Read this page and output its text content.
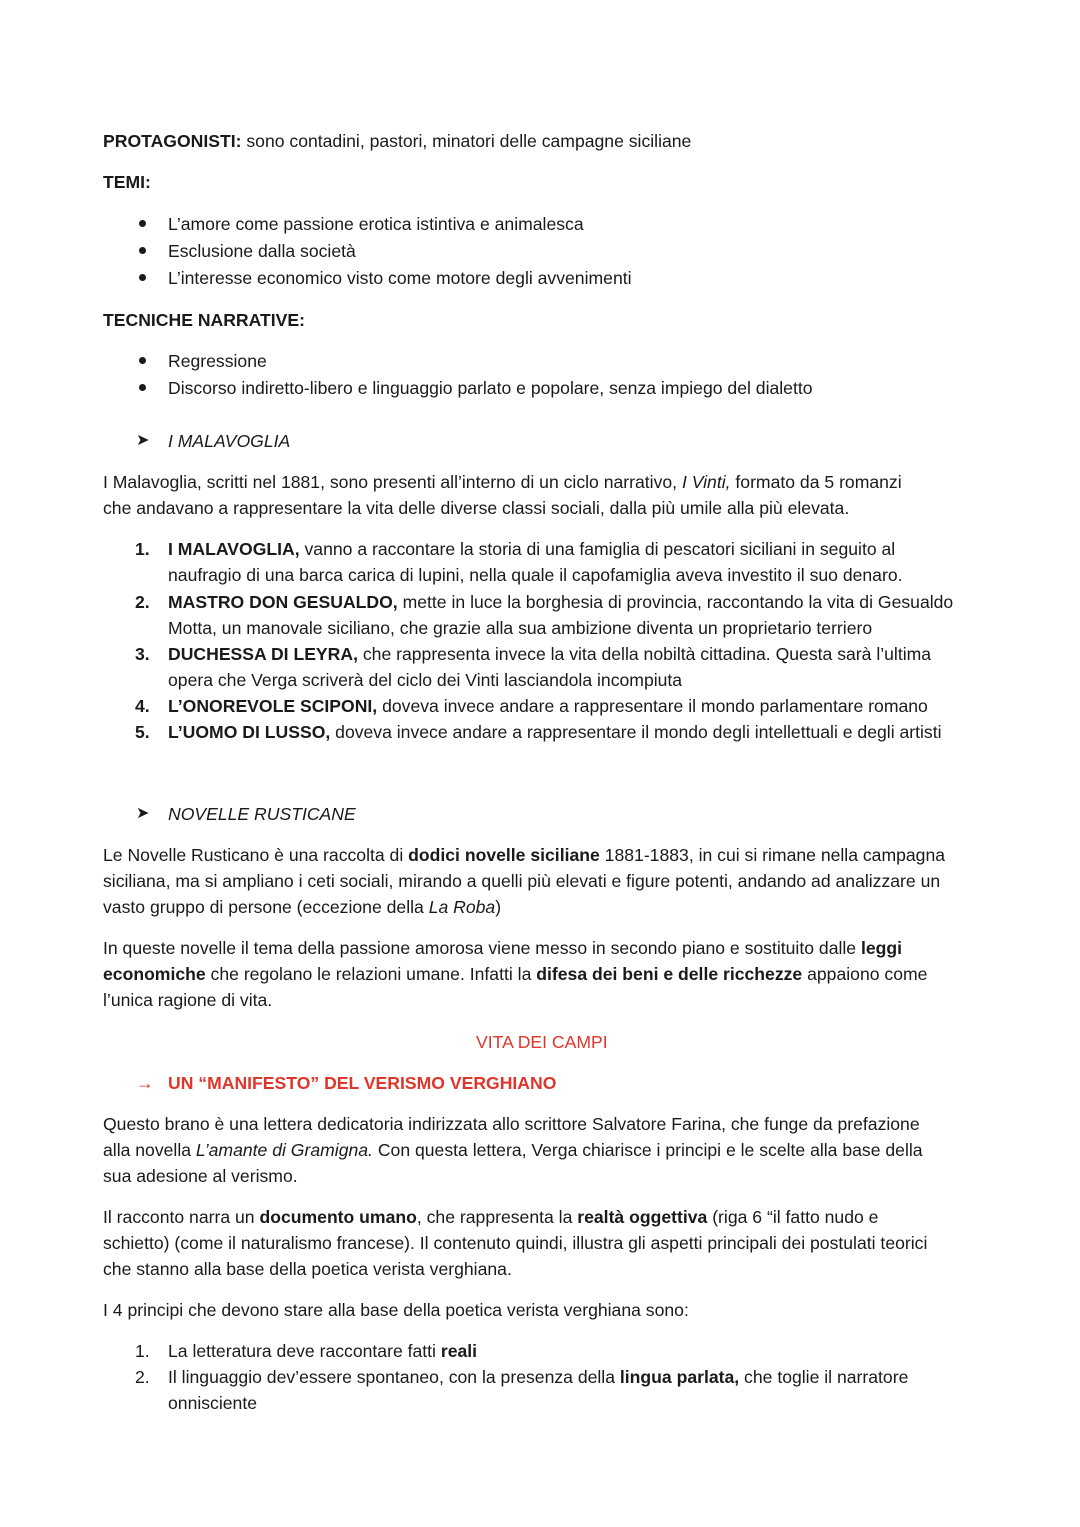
PROTAGONISTI: sono contadini, pastori, minatori delle campagne siciliane
TEMI:
L’amore come passione erotica istintiva e animalesca
Esclusione dalla società
L’interesse economico visto come motore degli avvenimenti
TECNICHE NARRATIVE:
Regressione
Discorso indiretto-libero e linguaggio parlato e popolare, senza impiego del dialetto
➤ I MALAVOGLIA
I Malavoglia, scritti nel 1881, sono presenti all’interno di un ciclo narrativo, I Vinti, formato da 5 romanzi
che andavano a rappresentare la vita delle diverse classi sociali, dalla più umile alla più elevata.
1.	I MALAVOGLIA, vanno a raccontare la storia di una famiglia di pescatori siciliani in seguito al
naufragio di una barca carica di lupini, nella quale il capofamiglia aveva investito il suo denaro.
2.	MASTRO DON GESUALDO, mette in luce la borghesia di provincia, raccontando la vita di Gesualdo
Motta, un manovale siciliano, che grazie alla sua ambizione diventa un proprietario terriero
3.	DUCHESSA DI LEYRA, che rappresenta invece la vita della nobiltà cittadina. Questa sarà l’ultima
opera che Verga scriverà del ciclo dei Vinti lasciandola incompiuta
4.	L’ONOREVOLE SCIPONI, doveva invece andare a rappresentare il mondo parlamentare romano
5.	L’UOMO DI LUSSO, doveva invece andare a rappresentare il mondo degli intellettuali e degli artisti
➤ NOVELLE RUSTICANE
Le Novelle Rusticano è una raccolta di dodici novelle siciliane 1881-1883, in cui si rimane nella campagna
siciliana, ma si ampliano i ceti sociali, mirando a quelli più elevati e figure potenti, andando ad analizzare un
vasto gruppo di persone (eccezione della La Roba)
In queste novelle il tema della passione amorosa viene messo in secondo piano e sostituito dalle leggi
economiche che regolano le relazioni umane. Infatti la difesa dei beni e delle ricchezze appaiono come
l’unica ragione di vita.
VITA DEI CAMPI
→ UN “MANIFESTO” DEL VERISMO VERGHIANO
Questo brano è una lettera dedicatoria indirizzata allo scrittore Salvatore Farina, che funge da prefazione
alla novella L’amante di Gramigna. Con questa lettera, Verga chiarisce i principi e le scelte alla base della
sua adesione al verismo.
Il racconto narra un documento umano, che rappresenta la realtà oggettiva (riga 6 “il fatto nudo e
schietto) (come il naturalismo francese). Il contenuto quindi, illustra gli aspetti principali dei postulati teorici
che stanno alla base della poetica verista verghiana.
I 4 principi che devono stare alla base della poetica verista verghiana sono:
1.	La letteratura deve raccontare fatti reali
2.	Il linguaggio dev’essere spontaneo, con la presenza della lingua parlata, che toglie il narratore
onnisciente
